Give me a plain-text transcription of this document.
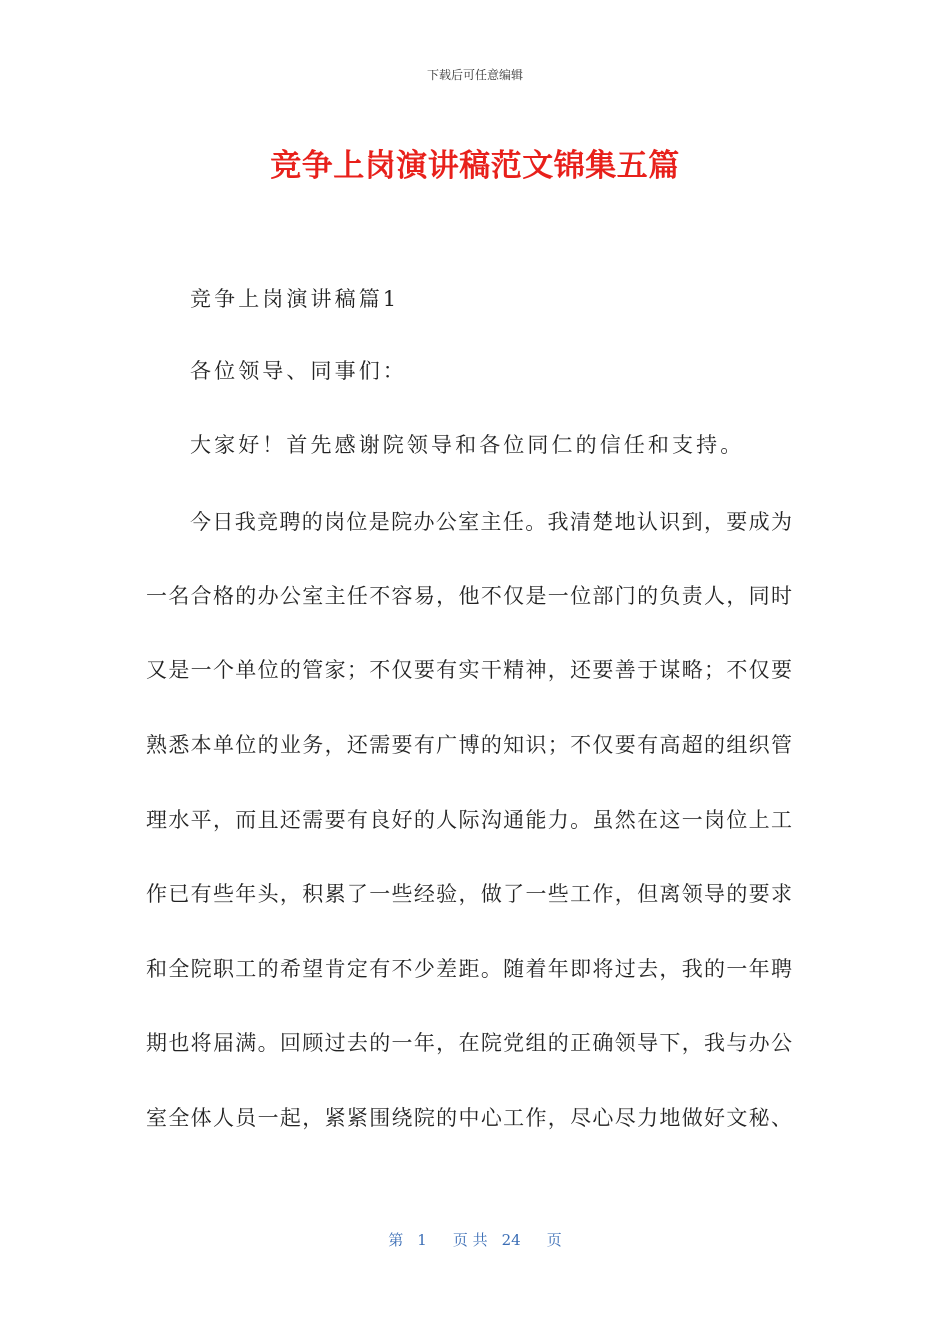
下载后可任意编辑
竞争上岗演讲稿范文锦集五篇
竞争上岗演讲稿篇1
各位领导、同事们：
大家好！首先感谢院领导和各位同仁的信任和支持。
今日我竞聘的岗位是院办公室主任。我清楚地认识到，要成为
一名合格的办公室主任不容易，他不仅是一位部门的负责人，同时
又是一个单位的管家；不仅要有实干精神，还要善于谋略；不仅要
熟悉本单位的业务，还需要有广博的知识；不仅要有高超的组织管
理水平，而且还需要有良好的人际沟通能力。虽然在这一岗位上工
作已有些年头，积累了一些经验，做了一些工作，但离领导的要求
和全院职工的希望肯定有不少差距。随着年即将过去，我的一年聘
期也将届满。回顾过去的一年，在院党组的正确领导下，我与办公
室全体人员一起，紧紧围绕院的中心工作，尽心尽力地做好文秘、
第 1 页 共 24 页
